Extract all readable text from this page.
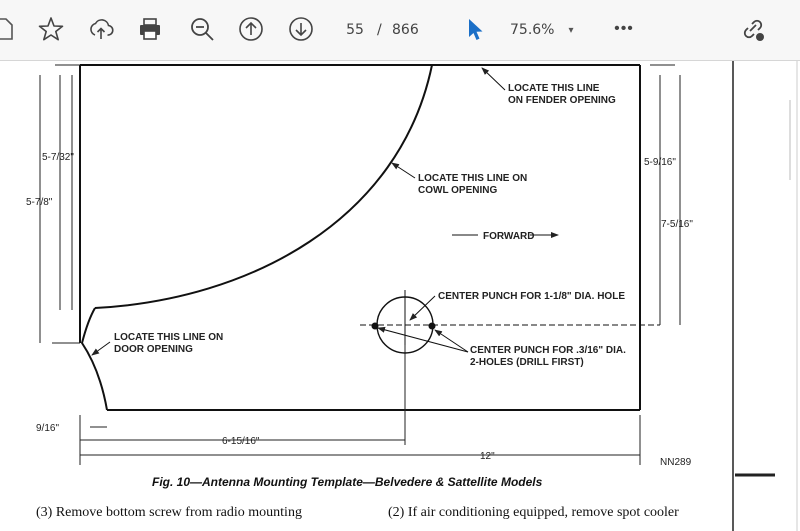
55 / 866	75.6% ▾	•••
LOCATE THIS LINE
ON FENDER OPENING
LOCATE THIS LINE ON
COWL OPENING
FORWARD
CENTER PUNCH FOR 1-1/8" DIA. HOLE
CENTER PUNCH FOR .3/16" DIA.
2-HOLES (DRILL FIRST)
LOCATE THIS LINE ON
DOOR OPENING
5-7/32"
5-7/8"
5-9/16"
7-5/16"
9/16"
6-15/16"
12"
NN289
Fig. 10—Antenna Mounting Template—Belvedere & Sattellite Models
(3) Remove bottom screw from radio mounting	(2) If air conditioning equipped, remove spot cooler
